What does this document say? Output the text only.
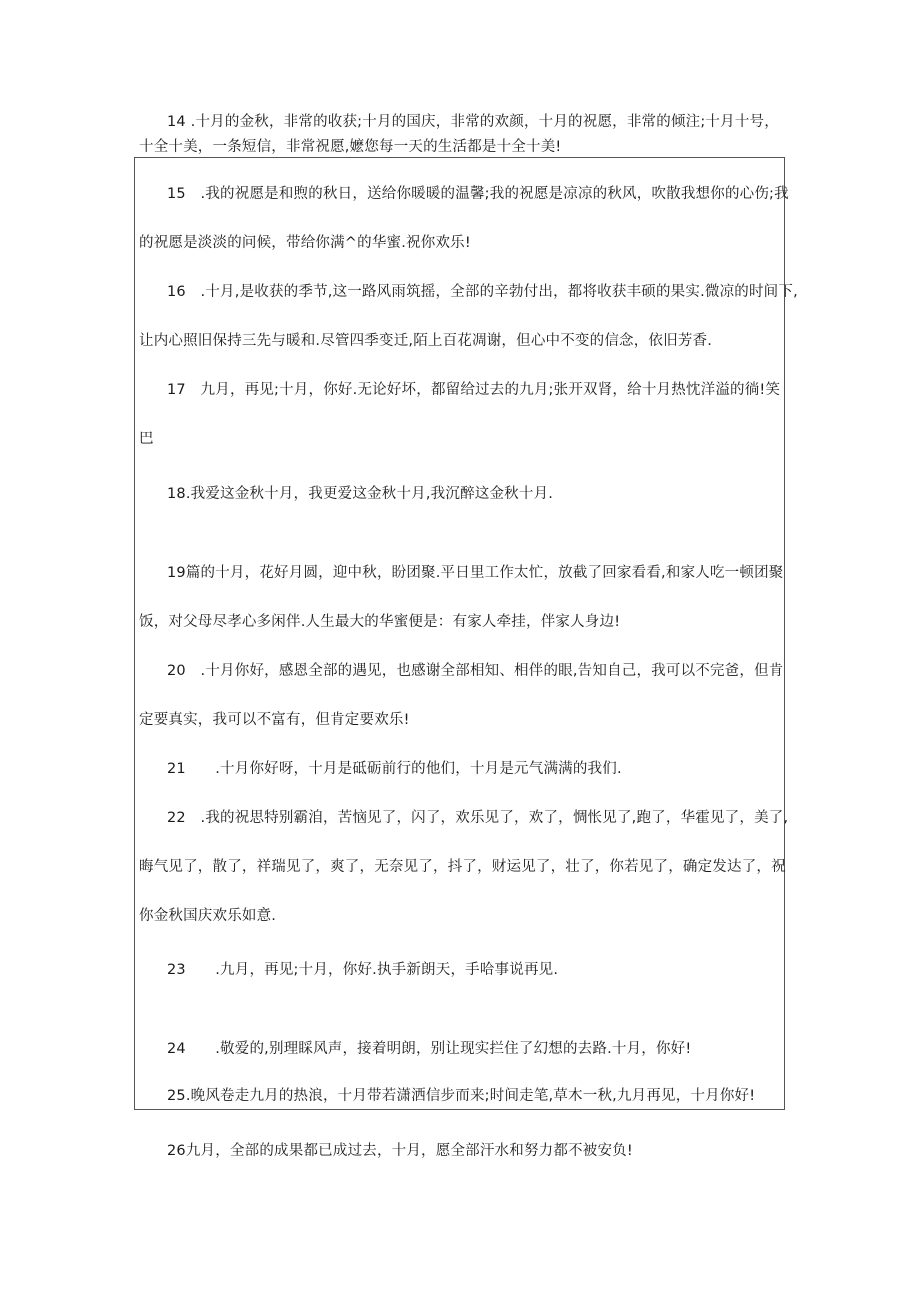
14 .十月的金秋，非常的收获;十月的国庆，非常的欢颜，十月的祝愿，非常的倾注;十月十号，
十全十美，一条短信，非常祝愿,嬷您每一天的生活都是十全十美!
15　.我的祝愿是和煦的秋日，送给你暖暖的温馨;我的祝愿是凉凉的秋风，吹散我想你的心伤;我
的祝愿是淡淡的问候，带给你满^的华蜜.祝你欢乐!
16　.十月,是收获的季节,这一路风雨筑摇，全部的辛勃付出，都将收获丰硕的果实.微凉的时间下,
让内心照旧保持三先与暖和.尽管四季变迁,陌上百花凋谢，但心中不变的信念，依旧芳香.
17　九月，再见;十月，你好.无论好坏，都留给过去的九月;张开双肾，给十月热忱洋溢的徜!笑
巴
18.我爱这金秋十月，我更爱这金秋十月,我沉醉这金秋十月.
19篇的十月，花好月圆，迎中秋，盼团聚.平日里工作太忙，放截了回家看看,和家人吃一顿团聚
饭，对父母尽孝心多闲伴.人生最大的华蜜便是：有家人牵挂，伴家人身边!
20　.十月你好，感恩全部的遇见，也感谢全部相知、相伴的眼,告知自己，我可以不完爸，但肯
定要真实，我可以不富有，但肯定要欢乐!
21　　.十月你好呀，十月是砥砺前行的他们，十月是元气满满的我们.
22　.我的祝思特别霸洎，苦恼见了，闪了，欢乐见了，欢了，惆怅见了,跑了，华霍见了，美了,
晦气见了，散了，祥瑞见了，爽了，无奈见了，抖了，财运见了，壮了，你若见了，确定发达了，祝
你金秋国庆欢乐如意.
23　　.九月，再见;十月，你好.执手新朗天，手哈事说再见.
24　　.敬爱的,别理睬风声，接着明朗，别让现实拦住了幻想的去路.十月，你好!
25.晚风卷走九月的热浪，十月带若潇洒信步而来;时间走笔,草木一秋,九月再见，十月你好!
26九月，全部的成果都已成过去，十月，愿全部汗水和努力都不被安负!
